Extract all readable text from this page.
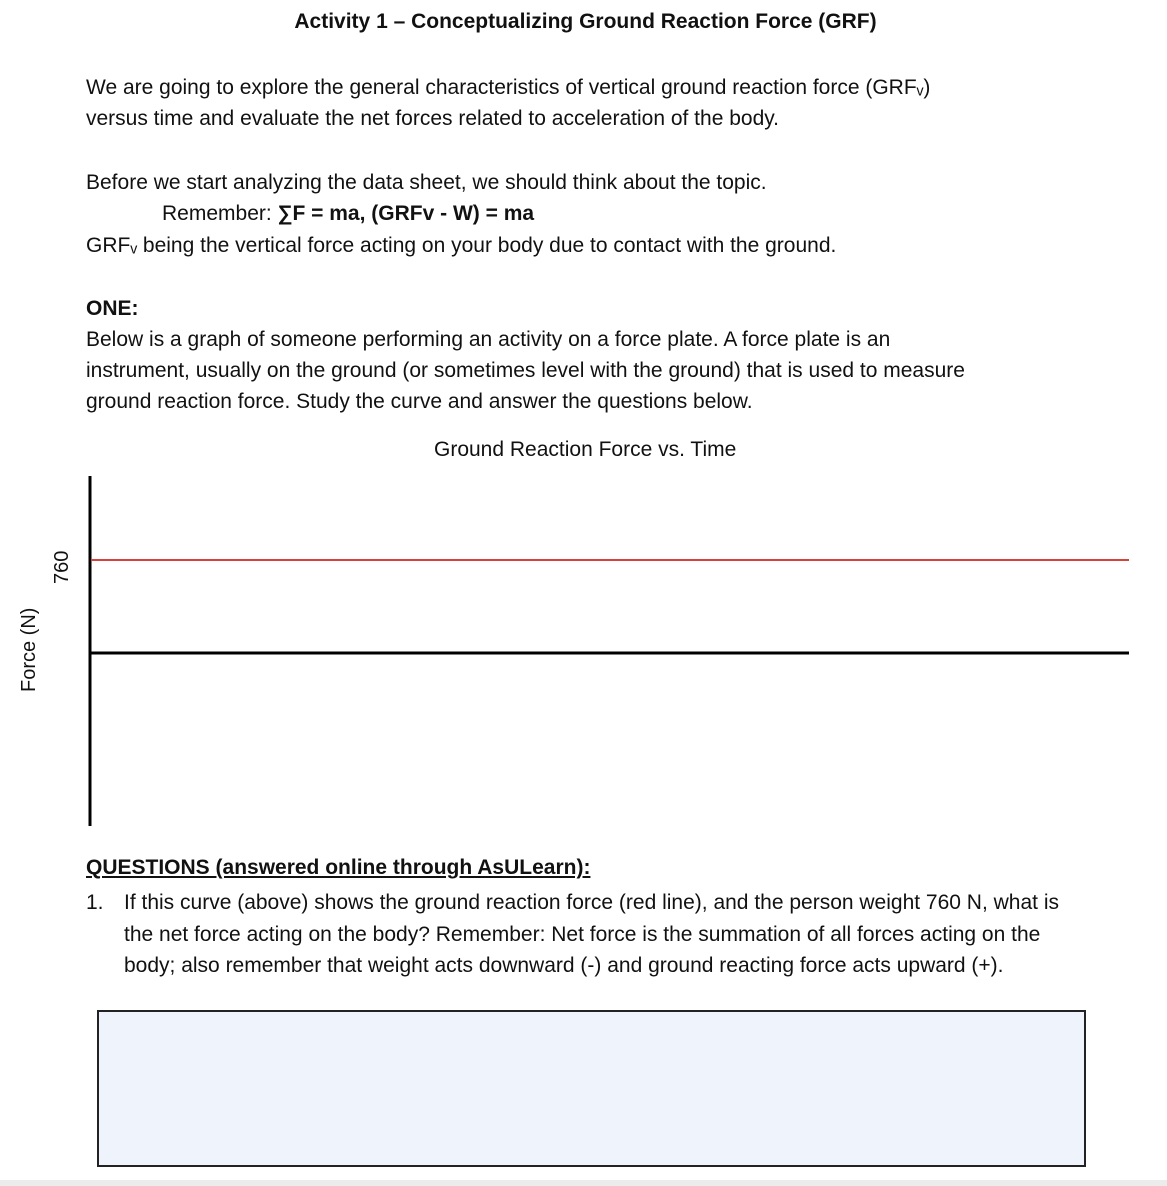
Activity 1 – Conceptualizing Ground Reaction Force (GRF)
We are going to explore the general characteristics of vertical ground reaction force (GRFᵥ)
versus time and evaluate the net forces related to acceleration of the body.
Before we start analyzing the data sheet, we should think about the topic.
Remember: ∑F = ma, (GRFv - W) = ma
GRFᵥ being the vertical force acting on your body due to contact with the ground.
ONE:
Below is a graph of someone performing an activity on a force plate. A force plate is an
instrument, usually on the ground (or sometimes level with the ground) that is used to measure
ground reaction force. Study the curve and answer the questions below.
Ground Reaction Force vs. Time
Force (N)
760
QUESTIONS (answered online through AsULearn):
1. If this curve (above) shows the ground reaction force (red line), and the person weight 760 N, what is the net force acting on the body? Remember: Net force is the summation of all forces acting on the body; also remember that weight acts downward (-) and ground reacting force acts upward (+).
